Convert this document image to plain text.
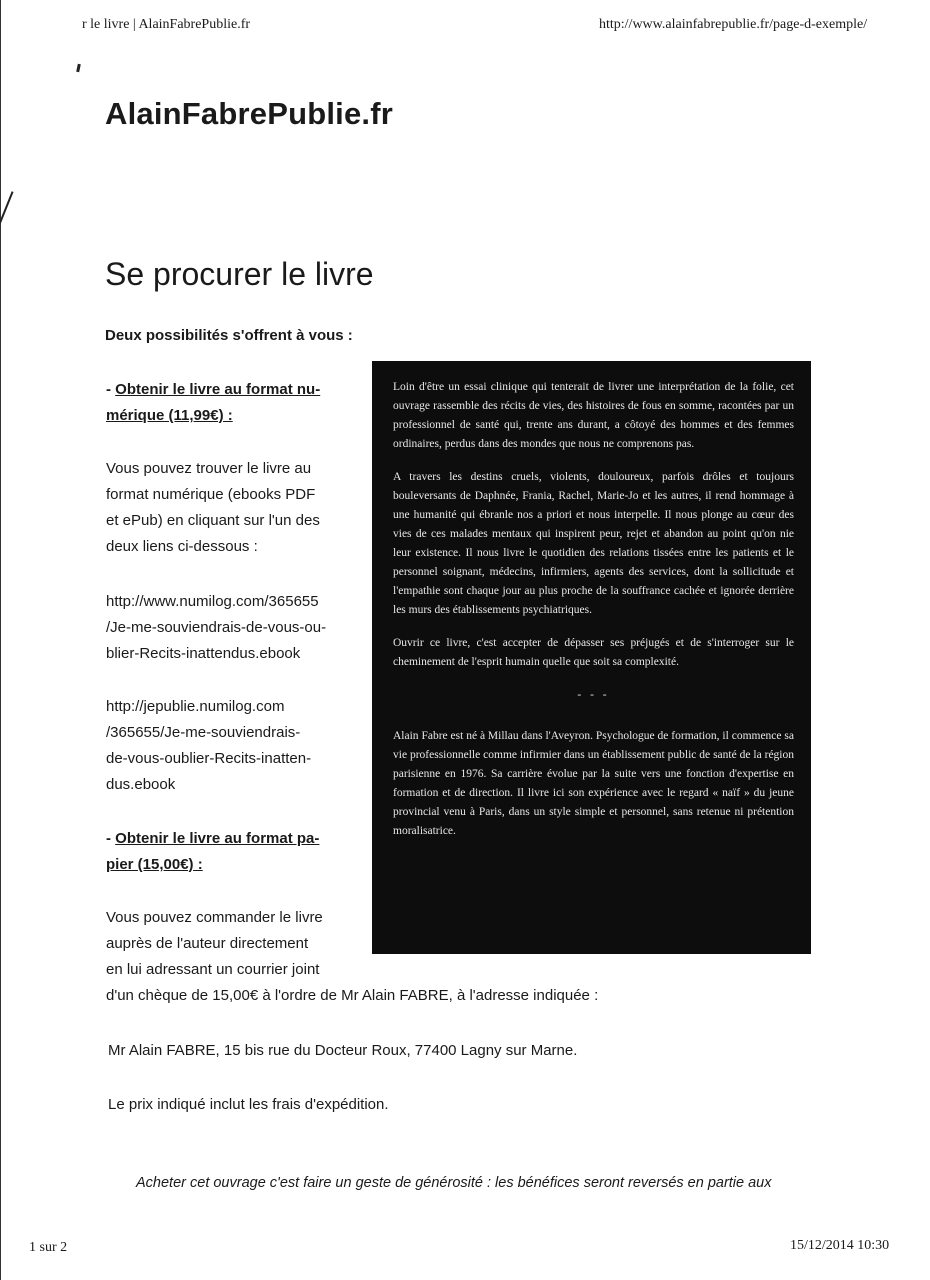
r le livre | AlainFabrePublie.fr	http://www.alainfabrepublie.fr/page-d-exemple/
AlainFabrePublie.fr
Se procurer le livre
Deux possibilités s'offrent à vous :
- Obtenir le livre au format nu-
mérique (11,99€) :
Vous pouvez trouver le livre au
format numérique (ebooks PDF
et ePub) en cliquant sur l'un des
deux liens ci-dessous :
http://www.numilog.com/365655
/Je-me-souviendrais-de-vous-ou-
blier-Recits-inattendus.ebook
http://jepublie.numilog.com
/365655/Je-me-souviendrais-
de-vous-oublier-Recits-inatten-
dus.ebook
- Obtenir le livre au format pa-
pier (15,00€) :
Vous pouvez commander le livre
auprès de l'auteur directement
en lui adressant un courrier joint
d'un chèque de 15,00€ à l'ordre de Mr Alain FABRE, à l'adresse indiquée :
Mr Alain FABRE, 15 bis rue du Docteur Roux, 77400 Lagny sur Marne.
Le prix indiqué inclut les frais d'expédition.

Loin d'être un essai clinique qui tenterait de livrer une interprétation de la folie, cet ouvrage rassemble des récits de vies, des histoires de fous en somme, racontées par un professionnel de santé qui, trente ans durant, a côtoyé des hommes et des femmes ordinaires, perdus dans des mondes que nous ne comprenons pas.

A travers les destins cruels, violents, douloureux, parfois drôles et toujours bouleversants de Daphnée, Frania, Rachel, Marie-Jo et les autres, il rend hommage à une humanité qui ébranle nos a priori et nous interpelle. Il nous plonge au cœur des vies de ces malades mentaux qui inspirent peur, rejet et abandon au point qu'on nie leur existence. Il nous livre le quotidien des relations tissées entre les patients et le personnel soignant, médecins, infirmiers, agents des services, dont la sollicitude et l'empathie sont chaque jour au plus proche de la souffrance cachée et ignorée derrière les murs des établissements psychiatriques.

Ouvrir ce livre, c'est accepter de dépasser ses préjugés et de s'interroger sur le cheminement de l'esprit humain quelle que soit sa complexité.

- - -

Alain Fabre est né à Millau dans l'Aveyron. Psychologue de formation, il commence sa vie professionnelle comme infirmier dans un établissement public de santé de la région parisienne en 1976. Sa carrière évolue par la suite vers une fonction d'expertise en formation et de direction. Il livre ici son expérience avec le regard « naïf » du jeune provincial venu à Paris, dans un style simple et personnel, sans retenue ni prétention moralisatrice.

Acheter cet ouvrage c'est faire un geste de générosité : les bénéfices seront reversés en partie aux
1 sur 2	15/12/2014 10:30
